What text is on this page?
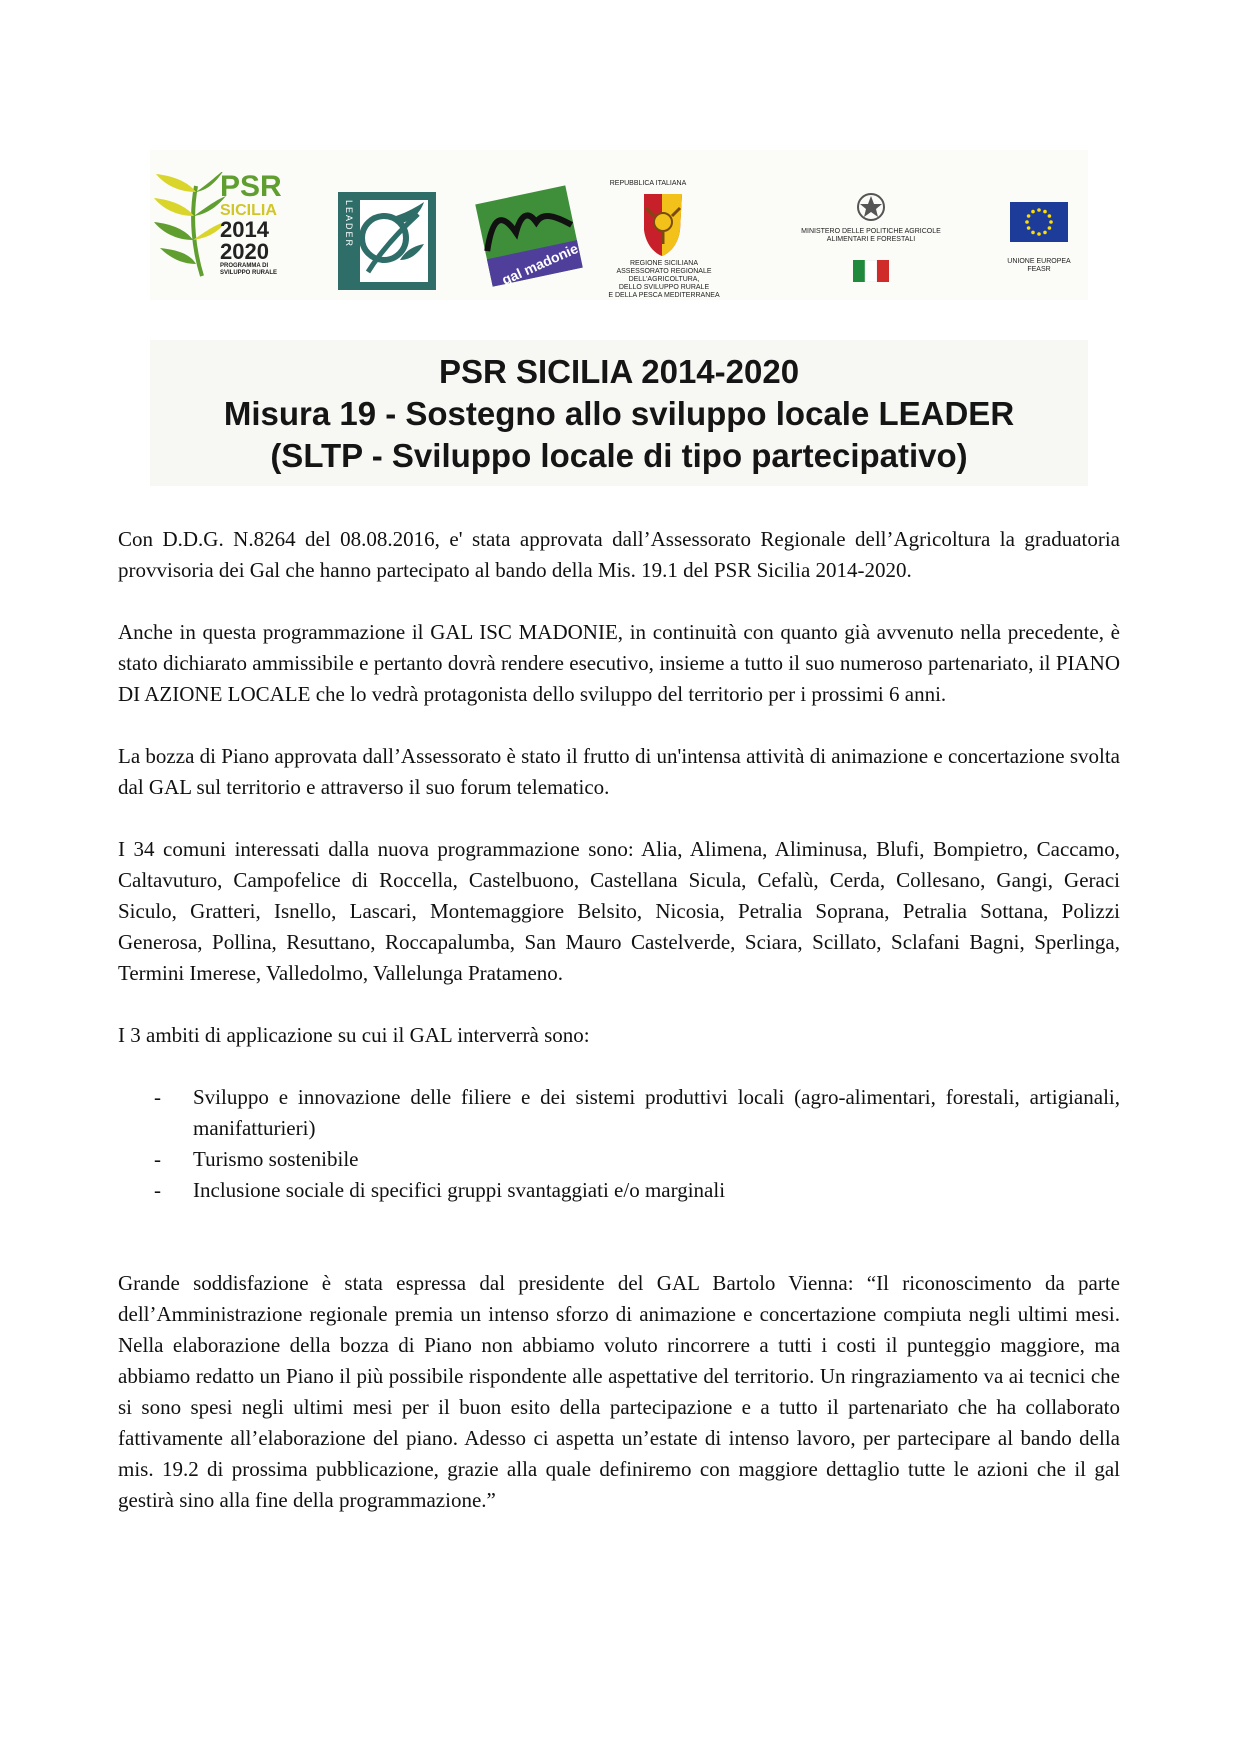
PSR
SICILIA
2014
2020
PROGRAMMA DI SVILUPPO RURALE
LEADER
gal madonie
REPUBBLICA ITALIANA
REGIONE SICILIANA
ASSESSORATO REGIONALE
DELL'AGRICOLTURA,
DELLO SVILUPPO RURALE
E DELLA PESCA MEDITERRANEA
MINISTERO DELLE POLITICHE AGRICOLE
ALIMENTARI E FORESTALI
UNIONE EUROPEA
FEASR

PSR SICILIA 2014-2020

Misura 19 - Sostegno allo sviluppo locale LEADER

(SLTP - Sviluppo locale di tipo partecipativo)

Con D.D.G. N.8264 del 08.08.2016, e' stata approvata dall’Assessorato Regionale dell’Agricoltura la graduatoria provvisoria dei Gal che hanno partecipato al bando della Mis. 19.1 del PSR Sicilia 2014-2020.

Anche in questa programmazione il GAL ISC MADONIE, in continuità con quanto già avvenuto nella precedente, è stato dichiarato ammissibile e pertanto dovrà rendere esecutivo, insieme a tutto il suo numeroso partenariato, il PIANO DI AZIONE LOCALE che lo vedrà protagonista dello sviluppo del territorio per i prossimi 6 anni.

La bozza di Piano approvata dall’Assessorato è stato il frutto di un'intensa attività di animazione e concertazione svolta dal GAL sul territorio e attraverso il suo forum telematico.

I 34 comuni interessati dalla nuova programmazione sono: Alia, Alimena, Aliminusa, Blufi, Bompietro, Caccamo, Caltavuturo, Campofelice di Roccella, Castelbuono, Castellana Sicula, Cefalù, Cerda, Collesano, Gangi, Geraci Siculo, Gratteri, Isnello, Lascari, Montemaggiore Belsito, Nicosia, Petralia Soprana, Petralia Sottana, Polizzi Generosa, Pollina, Resuttano, Roccapalumba, San Mauro Castelverde, Sciara, Scillato, Sclafani Bagni, Sperlinga, Termini Imerese, Valledolmo, Vallelunga Pratameno.

I 3 ambiti di applicazione su cui il GAL interverrà sono:

- Sviluppo e innovazione delle filiere e dei sistemi produttivi locali (agro-alimentari, forestali, artigianali, manifatturieri)
- Turismo sostenibile
- Inclusione sociale di specifici gruppi svantaggiati e/o marginali

Grande soddisfazione è stata espressa dal presidente del GAL Bartolo Vienna: “Il riconoscimento da parte dell’Amministrazione regionale premia un intenso sforzo di animazione e concertazione compiuta negli ultimi mesi. Nella elaborazione della bozza di Piano non abbiamo voluto rincorrere a tutti i costi il punteggio maggiore, ma abbiamo redatto un Piano il più possibile rispondente alle aspettative del territorio. Un ringraziamento va ai tecnici che si sono spesi negli ultimi mesi per il buon esito della partecipazione e a tutto il partenariato che ha collaborato fattivamente all’elaborazione del piano. Adesso ci aspetta un’estate di intenso lavoro, per partecipare al bando della mis. 19.2 di prossima pubblicazione, grazie alla quale definiremo con maggiore dettaglio tutte le azioni che il gal gestirà sino alla fine della programmazione.”
